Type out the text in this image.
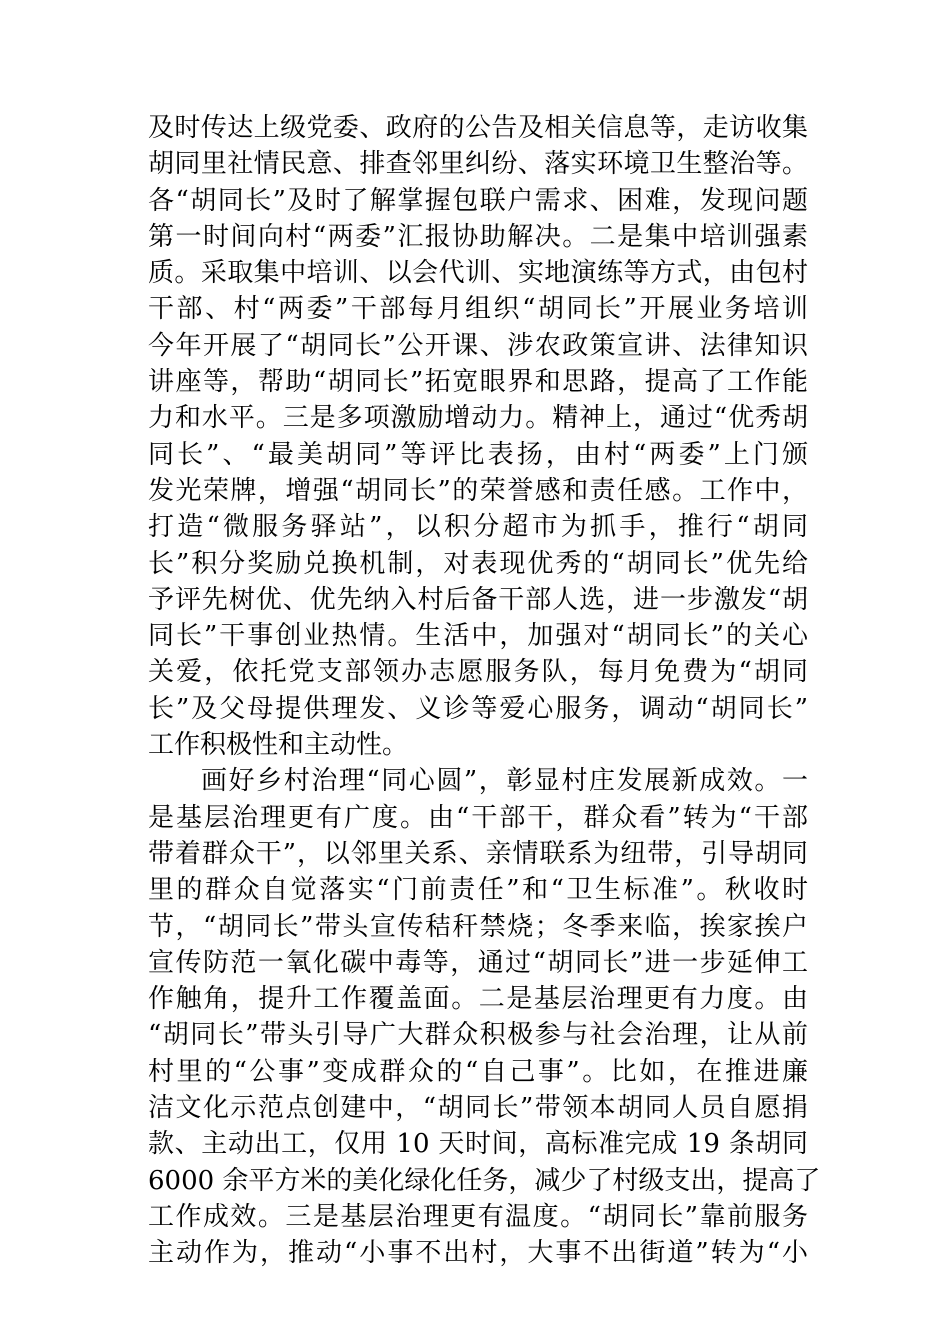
及时传达上级党委、政府的公告及相关信息等，走访收集
胡同里社情民意、排查邻里纠纷、落实环境卫生整治等。
各“胡同长”及时了解掌握包联户需求、困难，发现问题
第一时间向村“两委”汇报协助解决。二是集中培训强素
质。采取集中培训、以会代训、实地演练等方式，由包村
干部、村“两委”干部每月组织“胡同长”开展业务培训
今年开展了“胡同长”公开课、涉农政策宣讲、法律知识
讲座等，帮助“胡同长”拓宽眼界和思路，提高了工作能
力和水平。三是多项激励增动力。精神上，通过“优秀胡
同长”、“最美胡同”等评比表扬，由村“两委”上门颁
发光荣牌，增强“胡同长”的荣誉感和责任感。工作中，
打造“微服务驿站”，以积分超市为抓手，推行“胡同
长”积分奖励兑换机制，对表现优秀的“胡同长”优先给
予评先树优、优先纳入村后备干部人选，进一步激发“胡
同长”干事创业热情。生活中，加强对“胡同长”的关心
关爱，依托党支部领办志愿服务队，每月免费为“胡同
长”及父母提供理发、义诊等爱心服务，调动“胡同长”
工作积极性和主动性。
画好乡村治理“同心圆”，彰显村庄发展新成效。一
是基层治理更有广度。由“干部干，群众看”转为“干部
带着群众干”，以邻里关系、亲情联系为纽带，引导胡同
里的群众自觉落实“门前责任”和“卫生标准”。秋收时
节，“胡同长”带头宣传秸秆禁烧；冬季来临，挨家挨户
宣传防范一氧化碳中毒等，通过“胡同长”进一步延伸工
作触角，提升工作覆盖面。二是基层治理更有力度。由
“胡同长”带头引导广大群众积极参与社会治理，让从前
村里的“公事”变成群众的“自己事”。比如，在推进廉
洁文化示范点创建中，“胡同长”带领本胡同人员自愿捐
款、主动出工，仅用 10 天时间，高标准完成 19 条胡同
6000 余平方米的美化绿化任务，减少了村级支出，提高了
工作成效。三是基层治理更有温度。“胡同长”靠前服务
主动作为，推动“小事不出村，大事不出街道”转为“小
